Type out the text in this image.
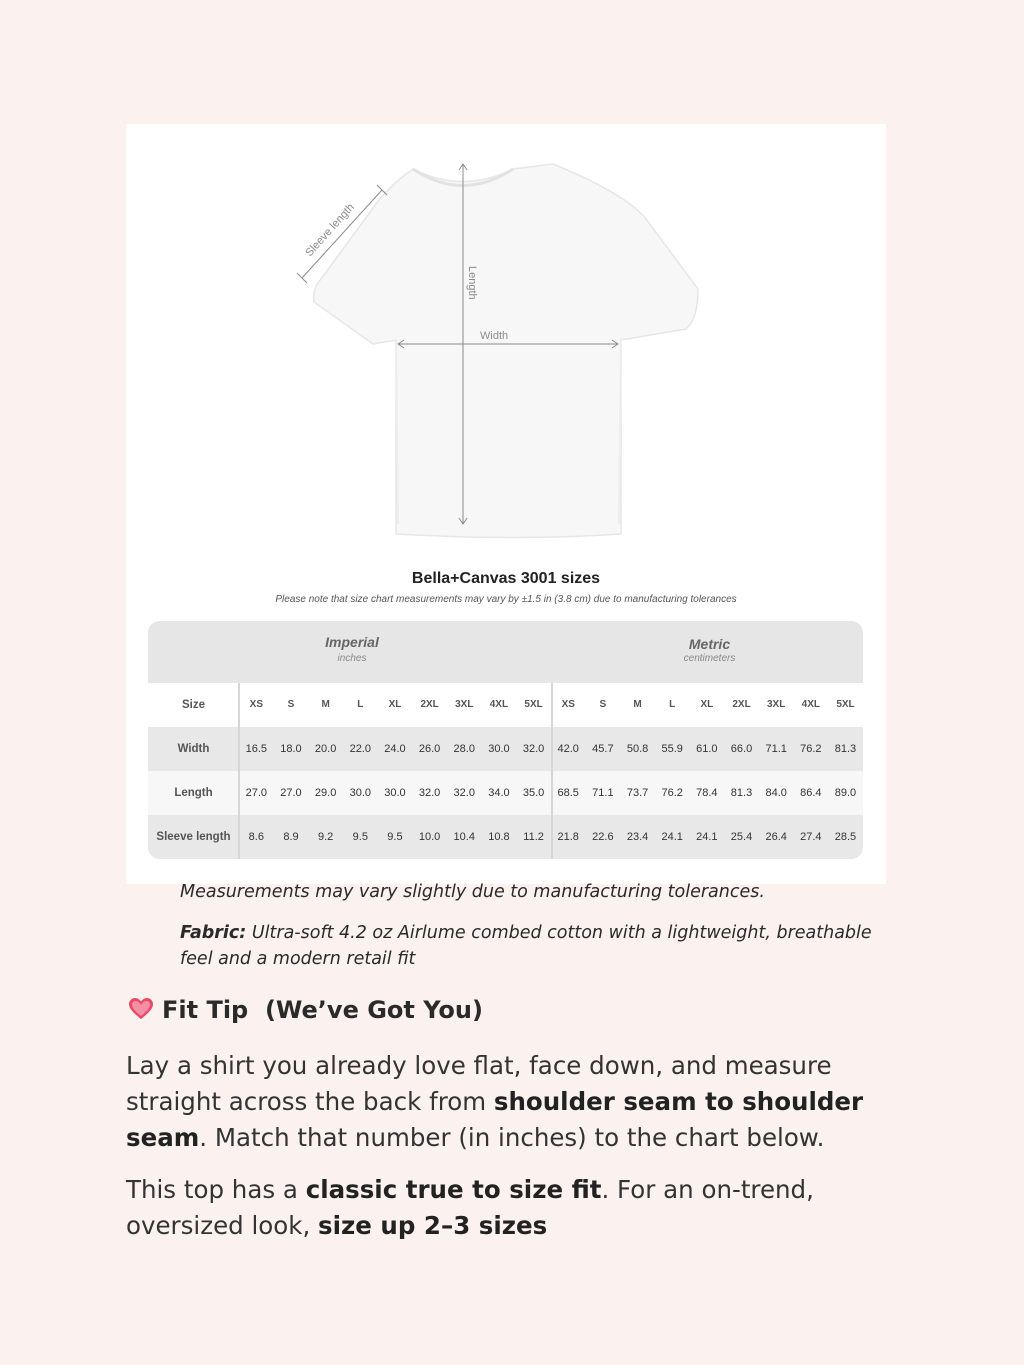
Sleeve length
Length
Width
Bella+Canvas 3001 sizes
Please note that size chart measurements may vary by ±1.5 in (3.8 cm) due to manufacturing tolerances
Imperial
inches
Metric
centimeters
Size	XS	S	M	L	XL	2XL	3XL	4XL	5XL	XS	S	M	L	XL	2XL	3XL	4XL	5XL
Width	16.5	18.0	20.0	22.0	24.0	26.0	28.0	30.0	32.0	42.0	45.7	50.8	55.9	61.0	66.0	71.1	76.2	81.3
Length	27.0	27.0	29.0	30.0	30.0	32.0	32.0	34.0	35.0	68.5	71.1	73.7	76.2	78.4	81.3	84.0	86.4	89.0
Sleeve length	8.6	8.9	9.2	9.5	9.5	10.0	10.4	10.8	11.2	21.8	22.6	23.4	24.1	24.1	25.4	26.4	27.4	28.5
Measurements may vary slightly due to manufacturing tolerances.
Fabric: Ultra-soft 4.2 oz Airlume combed cotton with a lightweight, breathable feel and a modern retail fit
Fit Tip  (We’ve Got You)
Lay a shirt you already love flat, face down, and measure straight across the back from shoulder seam to shoulder seam. Match that number (in inches) to the chart below.
This top has a classic true to size fit. For an on-trend, oversized look, size up 2–3 sizes
